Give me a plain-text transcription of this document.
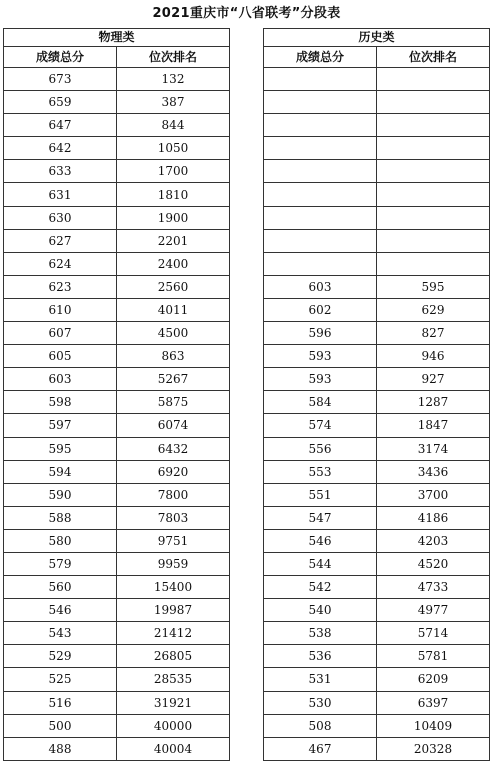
2021重庆市“八省联考”分段表
物理类	
成绩总分	位次排名
673	132
659	387
647	844
642	1050
633	1700
631	1810
630	1900
627	2201
624	2400
623	2560
610	4011
607	4500
605	863
603	5267
598	5875
597	6074
595	6432
594	6920
590	7800
588	7803
580	9751
579	9959
560	15400
546	19987
543	21412
529	26805
525	28535
516	31921
500	40000
488	40004
历史类	
成绩总分	位次排名

603	595
602	629
596	827
593	946
593	927
584	1287
574	1847
556	3174
553	3436
551	3700
547	4186
546	4203
544	4520
542	4733
540	4977
538	5714
536	5781
531	6209
530	6397
508	10409
467	20328
